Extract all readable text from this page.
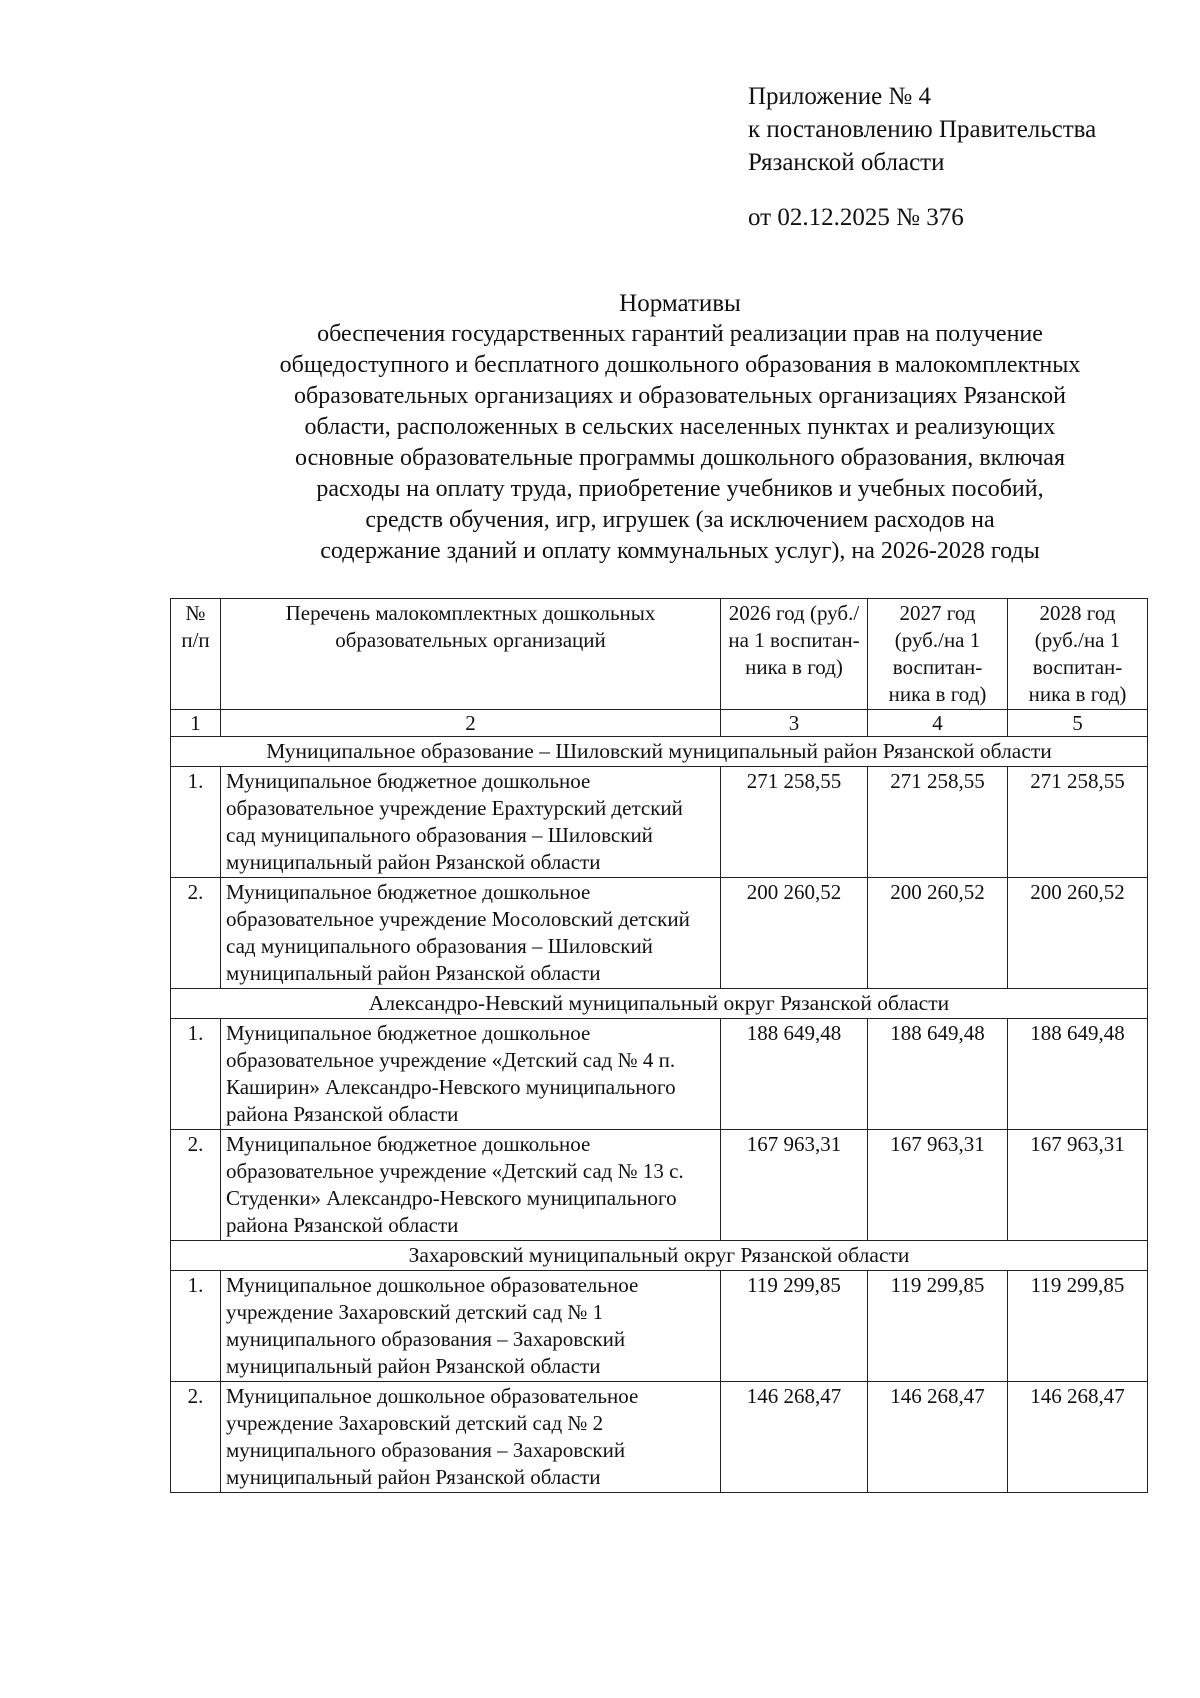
Приложение № 4
к постановлению Правительства
Рязанской области
от 02.12.2025 № 376
Нормативы
обеспечения государственных гарантий реализации прав на получение
общедоступного и бесплатного дошкольного образования в малокомплектных
образовательных организациях и образовательных организациях Рязанской
области, расположенных в сельских населенных пунктах и реализующих
основные образовательные программы дошкольного образования, включая
расходы на оплату труда, приобретение учебников и учебных пособий,
средств обучения, игр, игрушек (за исключением расходов на
содержание зданий и оплату коммунальных услуг), на 2026-2028 годы
№ п/п	Перечень малокомплектных дошкольных образовательных организаций	2026 год (руб./на 1 воспитан-ника в год)	2027 год (руб./на 1 воспитан-ника в год)	2028 год (руб./на 1 воспитан-ника в год)
1	2	3	4	5
Муниципальное образование – Шиловский муниципальный район Рязанской области				
1.	Муниципальное бюджетное дошкольное образовательное учреждение Ерахтурский детский сад муниципального образования – Шиловский муниципальный район Рязанской области	271 258,55	271 258,55	271 258,55
2.	Муниципальное бюджетное дошкольное образовательное учреждение Мосоловский детский сад муниципального образования – Шиловский муниципальный район Рязанской области	200 260,52	200 260,52	200 260,52
Александро-Невский муниципальный округ Рязанской области				
1.	Муниципальное бюджетное дошкольное образовательное учреждение «Детский сад № 4 п. Каширин» Александро-Невского муниципального района Рязанской области	188 649,48	188 649,48	188 649,48
2.	Муниципальное бюджетное дошкольное образовательное учреждение «Детский сад № 13 с. Студенки» Александро-Невского муниципального района Рязанской области	167 963,31	167 963,31	167 963,31
Захаровский муниципальный округ Рязанской области				
1.	Муниципальное дошкольное образовательное учреждение Захаровский детский сад № 1 муниципального образования – Захаровский муниципальный район Рязанской области	119 299,85	119 299,85	119 299,85
2.	Муниципальное дошкольное образовательное учреждение Захаровский детский сад № 2 муниципального образования – Захаровский муниципальный район Рязанской области	146 268,47	146 268,47	146 268,47
